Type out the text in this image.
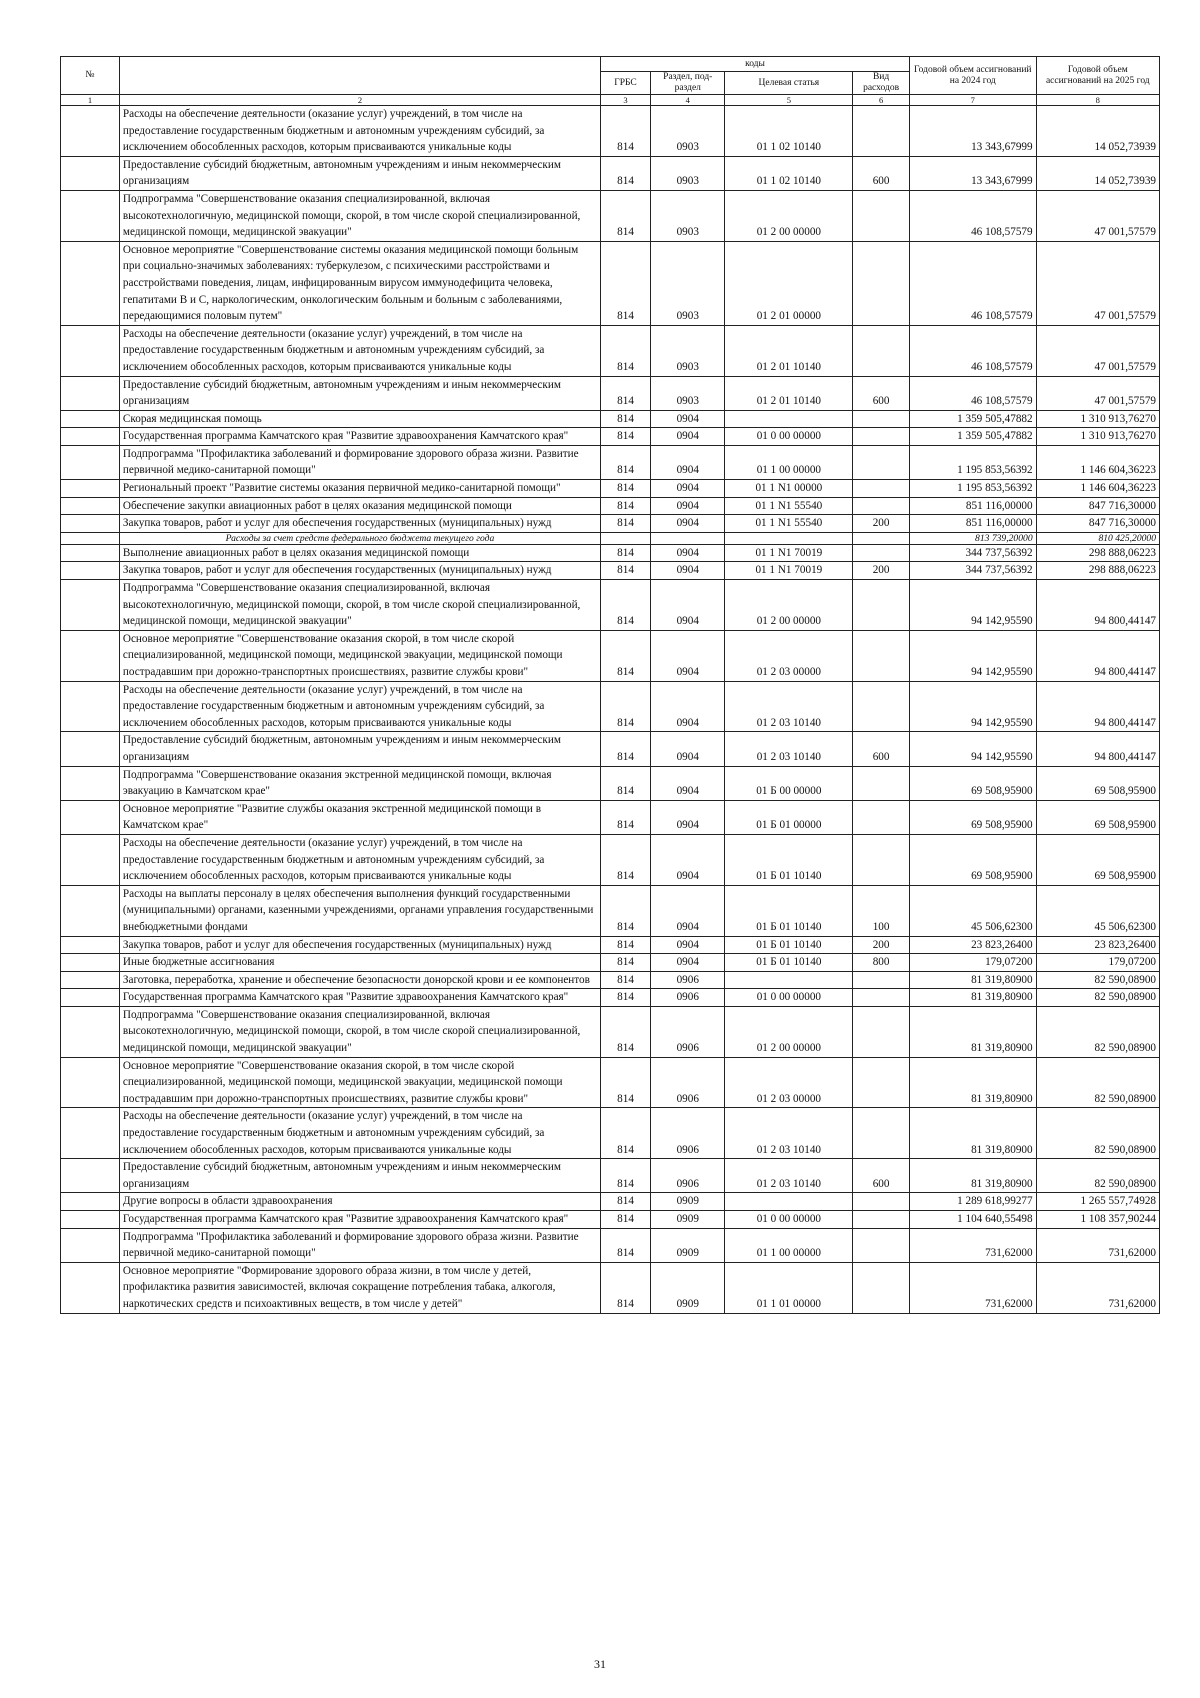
№		коды				Годовой объем ассигнований на 2024 год	Годовой объем ассигнований на 2025 год
		ГРБС	Раздел, под-раздел	Целевая статья	Вид расходов		
1	2	3	4	5	6	7	8
	Расходы на обеспечение деятельности (оказание услуг) учреждений, в том числе на предоставление государственным бюджетным и автономным учреждениям субсидий, за исключением обособленных расходов, которым присваиваются уникальные коды	814	0903	01 1 02 10140		13 343,67999	14 052,73939
	Предоставление субсидий бюджетным, автономным учреждениям и иным некоммерческим организациям	814	0903	01 1 02 10140	600	13 343,67999	14 052,73939
	Подпрограмма "Совершенствование оказания специализированной, включая высокотехнологичную, медицинской помощи, скорой, в том числе скорой специализированной, медицинской помощи, медицинской эвакуации"	814	0903	01 2 00 00000		46 108,57579	47 001,57579
	Основное мероприятие "Совершенствование системы оказания медицинской помощи больным при социально-значимых заболеваниях: туберкулезом, с психическими расстройствами и расстройствами поведения, лицам, инфицированным вирусом иммунодефицита человека, гепатитами В и С, наркологическим, онкологическим больным и больным с заболеваниями, передающимися половым путем"	814	0903	01 2 01 00000		46 108,57579	47 001,57579
	Расходы на обеспечение деятельности (оказание услуг) учреждений, в том числе на предоставление государственным бюджетным и автономным учреждениям субсидий, за исключением обособленных расходов, которым присваиваются уникальные коды	814	0903	01 2 01 10140		46 108,57579	47 001,57579
	Предоставление субсидий бюджетным, автономным учреждениям и иным некоммерческим организациям	814	0903	01 2 01 10140	600	46 108,57579	47 001,57579
	Скорая медицинская помощь	814	0904			1 359 505,47882	1 310 913,76270
	Государственная программа Камчатского края "Развитие здравоохранения Камчатского края"	814	0904	01 0 00 00000		1 359 505,47882	1 310 913,76270
	Подпрограмма "Профилактика заболеваний и формирование здорового образа жизни. Развитие первичной медико-санитарной помощи"	814	0904	01 1 00 00000		1 195 853,56392	1 146 604,36223
	Региональный проект "Развитие системы оказания первичной медико-санитарной помощи"	814	0904	01 1 N1 00000		1 195 853,56392	1 146 604,36223
	Обеспечение закупки авиационных работ в целях оказания медицинской помощи	814	0904	01 1 N1 55540		851 116,00000	847 716,30000
	Закупка товаров, работ и услуг для обеспечения государственных (муниципальных) нужд	814	0904	01 1 N1 55540	200	851 116,00000	847 716,30000
	Расходы за счет средств федерального бюджета текущего года					813 739,20000	810 425,20000
	Выполнение авиационных работ в целях оказания медицинской помощи	814	0904	01 1 N1 70019		344 737,56392	298 888,06223
	Закупка товаров, работ и услуг для обеспечения государственных (муниципальных) нужд	814	0904	01 1 N1 70019	200	344 737,56392	298 888,06223
	Подпрограмма "Совершенствование оказания специализированной, включая высокотехнологичную, медицинской помощи, скорой, в том числе скорой специализированной, медицинской помощи, медицинской эвакуации"	814	0904	01 2 00 00000		94 142,95590	94 800,44147
	Основное мероприятие "Совершенствование оказания скорой, в том числе скорой специализированной, медицинской помощи, медицинской эвакуации, медицинской помощи пострадавшим при дорожно-транспортных происшествиях, развитие службы крови"	814	0904	01 2 03 00000		94 142,95590	94 800,44147
	Расходы на обеспечение деятельности (оказание услуг) учреждений, в том числе на предоставление государственным бюджетным и автономным учреждениям субсидий, за исключением обособленных расходов, которым присваиваются уникальные коды	814	0904	01 2 03 10140		94 142,95590	94 800,44147
	Предоставление субсидий бюджетным, автономным учреждениям и иным некоммерческим организациям	814	0904	01 2 03 10140	600	94 142,95590	94 800,44147
	Подпрограмма "Совершенствование оказания экстренной медицинской помощи, включая эвакуацию в Камчатском крае"	814	0904	01 Б 00 00000		69 508,95900	69 508,95900
	Основное мероприятие "Развитие службы оказания экстренной медицинской помощи в Камчатском крае"	814	0904	01 Б 01 00000		69 508,95900	69 508,95900
	Расходы на обеспечение деятельности (оказание услуг) учреждений, в том числе на предоставление государственным бюджетным и автономным учреждениям субсидий, за исключением обособленных расходов, которым присваиваются уникальные коды	814	0904	01 Б 01 10140		69 508,95900	69 508,95900
	Расходы на выплаты персоналу в целях обеспечения выполнения функций государственными (муниципальными) органами, казенными учреждениями, органами управления государственными внебюджетными фондами	814	0904	01 Б 01 10140	100	45 506,62300	45 506,62300
	Закупка товаров, работ и услуг для обеспечения государственных (муниципальных) нужд	814	0904	01 Б 01 10140	200	23 823,26400	23 823,26400
	Иные бюджетные ассигнования	814	0904	01 Б 01 10140	800	179,07200	179,07200
	Заготовка, переработка, хранение и обеспечение безопасности донорской крови и ее компонентов	814	0906			81 319,80900	82 590,08900
	Государственная программа Камчатского края "Развитие здравоохранения Камчатского края"	814	0906	01 0 00 00000		81 319,80900	82 590,08900
	Подпрограмма "Совершенствование оказания специализированной, включая высокотехнологичную, медицинской помощи, скорой, в том числе скорой специализированной, медицинской помощи, медицинской эвакуации"	814	0906	01 2 00 00000		81 319,80900	82 590,08900
	Основное мероприятие "Совершенствование оказания скорой, в том числе скорой специализированной, медицинской помощи, медицинской эвакуации, медицинской помощи пострадавшим при дорожно-транспортных происшествиях, развитие службы крови"	814	0906	01 2 03 00000		81 319,80900	82 590,08900
	Расходы на обеспечение деятельности (оказание услуг) учреждений, в том числе на предоставление государственным бюджетным и автономным учреждениям субсидий, за исключением обособленных расходов, которым присваиваются уникальные коды	814	0906	01 2 03 10140		81 319,80900	82 590,08900
	Предоставление субсидий бюджетным, автономным учреждениям и иным некоммерческим организациям	814	0906	01 2 03 10140	600	81 319,80900	82 590,08900
	Другие вопросы в области здравоохранения	814	0909			1 289 618,99277	1 265 557,74928
	Государственная программа Камчатского края "Развитие здравоохранения Камчатского края"	814	0909	01 0 00 00000		1 104 640,55498	1 108 357,90244
	Подпрограмма "Профилактика заболеваний и формирование здорового образа жизни. Развитие первичной медико-санитарной помощи"	814	0909	01 1 00 00000		731,62000	731,62000
	Основное мероприятие "Формирование здорового образа жизни, в том числе у детей, профилактика развития зависимостей, включая сокращение потребления табака, алкоголя, наркотических средств и психоактивных веществ, в том числе у детей"	814	0909	01 1 01 00000		731,62000	731,62000
31
